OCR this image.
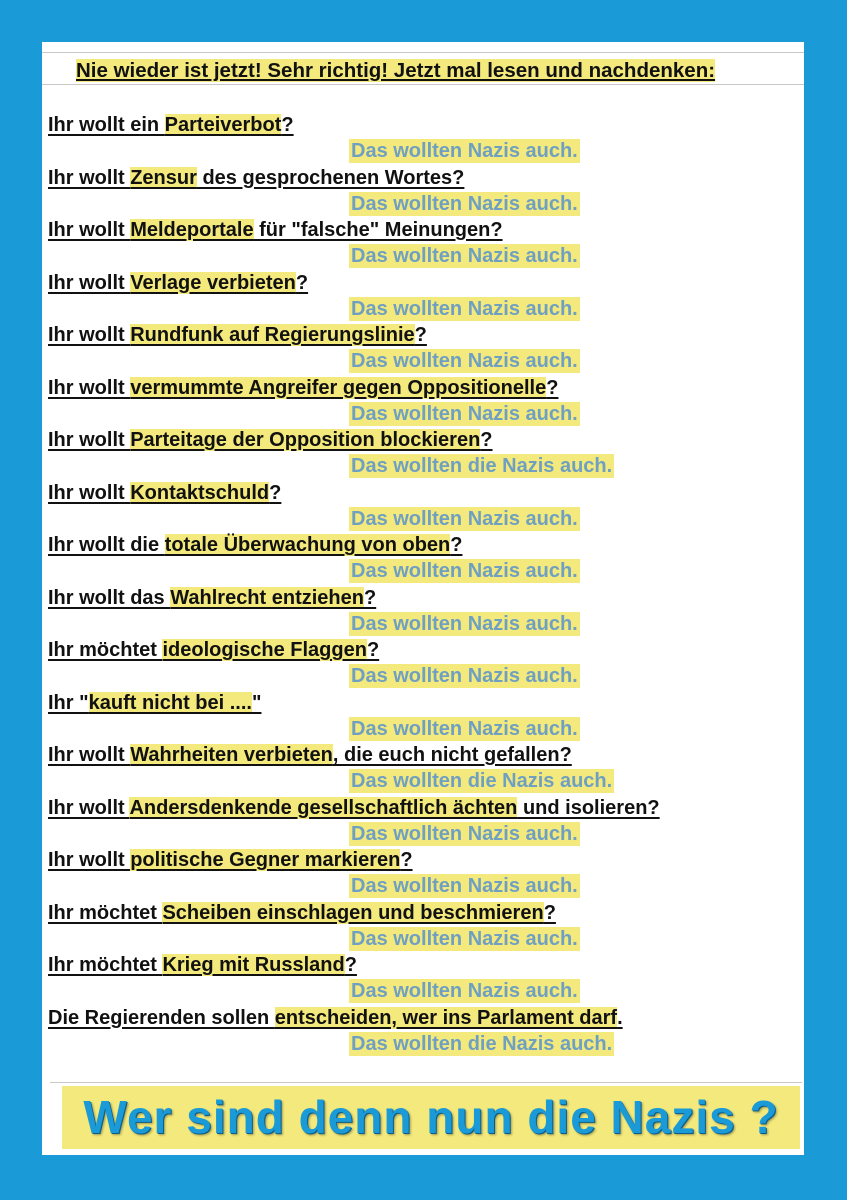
Nie wieder ist jetzt! Sehr richtig! Jetzt mal lesen und nachdenken:
Ihr wollt ein Parteiverbot?
Das wollten Nazis auch.
Ihr wollt Zensur des gesprochenen Wortes?
Das wollten Nazis auch.
Ihr wollt Meldeportale für "falsche" Meinungen?
Das wollten Nazis auch.
Ihr wollt Verlage verbieten?
Das wollten Nazis auch.
Ihr wollt Rundfunk auf Regierungslinie?
Das wollten Nazis auch.
Ihr wollt vermummte Angreifer gegen Oppositionelle?
Das wollten Nazis auch.
Ihr wollt Parteitage der Opposition blockieren?
Das wollten die Nazis auch.
Ihr wollt Kontaktschuld?
Das wollten Nazis auch.
Ihr wollt die totale Überwachung von oben?
Das wollten Nazis auch.
Ihr wollt das Wahlrecht entziehen?
Das wollten Nazis auch.
Ihr möchtet ideologische Flaggen?
Das wollten Nazis auch.
Ihr "kauft nicht bei ...."
Das wollten Nazis auch.
Ihr wollt Wahrheiten verbieten, die euch nicht gefallen?
Das wollten die Nazis auch.
Ihr wollt Andersdenkende gesellschaftlich ächten und isolieren?
Das wollten Nazis auch.
Ihr wollt politische Gegner markieren?
Das wollten Nazis auch.
Ihr möchtet Scheiben einschlagen und beschmieren?
Das wollten Nazis auch.
Ihr möchtet Krieg mit Russland?
Das wollten Nazis auch.
Die Regierenden sollen entscheiden, wer ins Parlament darf.
Das wollten die Nazis auch.
Wer sind denn nun die Nazis ?
